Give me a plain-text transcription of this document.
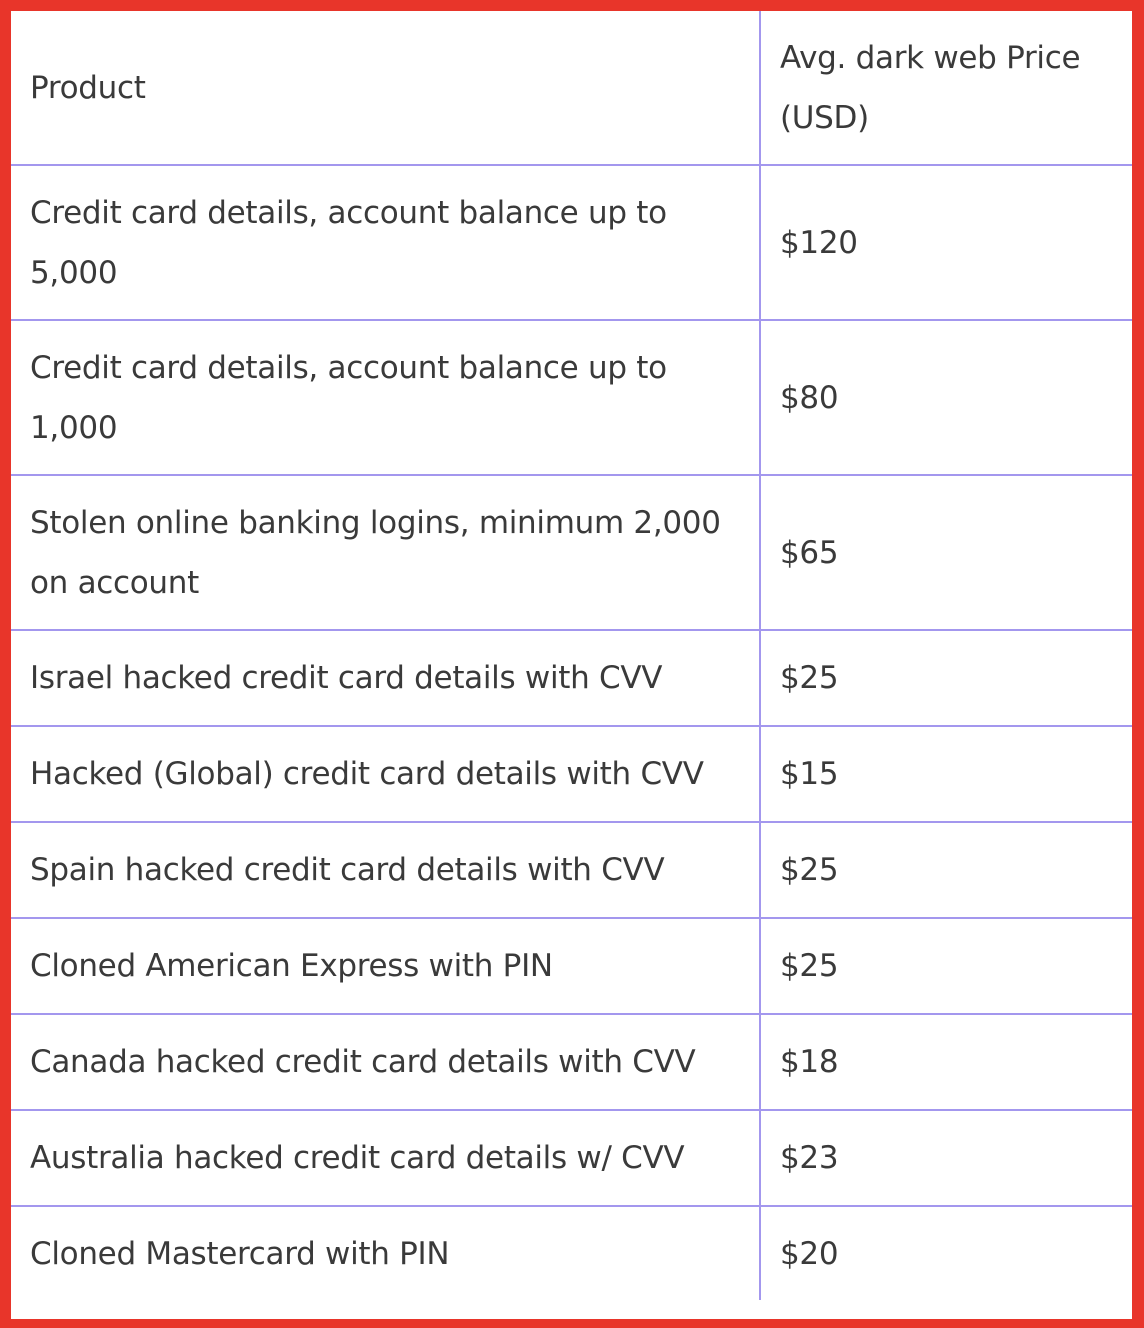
Product	Avg. dark web Price (USD)
Credit card details, account balance up to 5,000	$120
Credit card details, account balance up to 1,000	$80
Stolen online banking logins, minimum 2,000 on account	$65
Israel hacked credit card details with CVV	$25
Hacked (Global) credit card details with CVV	$15
Spain hacked credit card details with CVV	$25
Cloned American Express with PIN	$25
Canada hacked credit card details with CVV	$18
Australia hacked credit card details w/ CVV	$23
Cloned Mastercard with PIN	$20
